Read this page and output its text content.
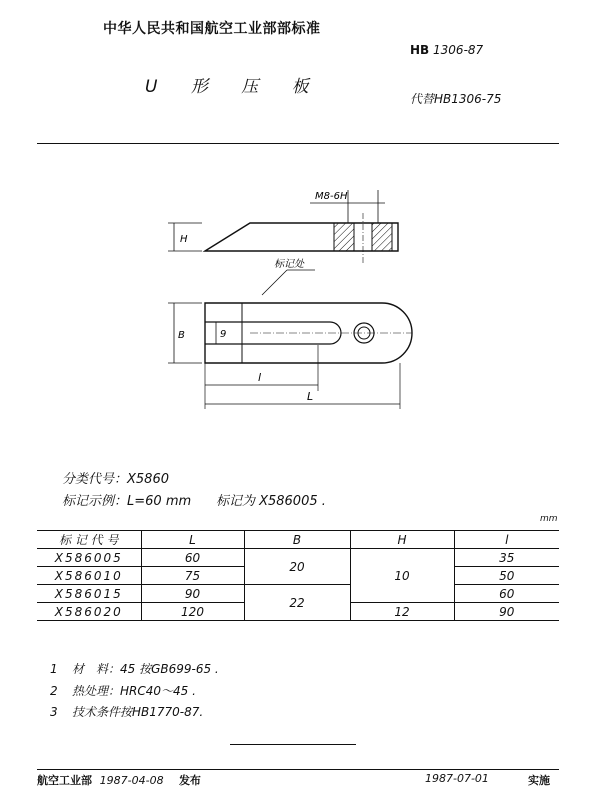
中华人民共和国航空工业部部标准
HB 1306-87
U 形 压 板
代替HB1306-75
M8-6H
H
标记处
B	9
l
L
分类代号：X5860
标记示例：L=60 mm 标记为 X586005 .
mm
标 记 代 号	L	B	H	l
X586005	60	20	10	35
X586010	75			50
X586015	90	22		60
X586020	120		12	90
1 材　料：45 按GB699-65 .
2 热处理：HRC40～45 .
3 技术条件按HB1770-87.
航空工业部 1987-04-08 发布	1987-07-01	实施
